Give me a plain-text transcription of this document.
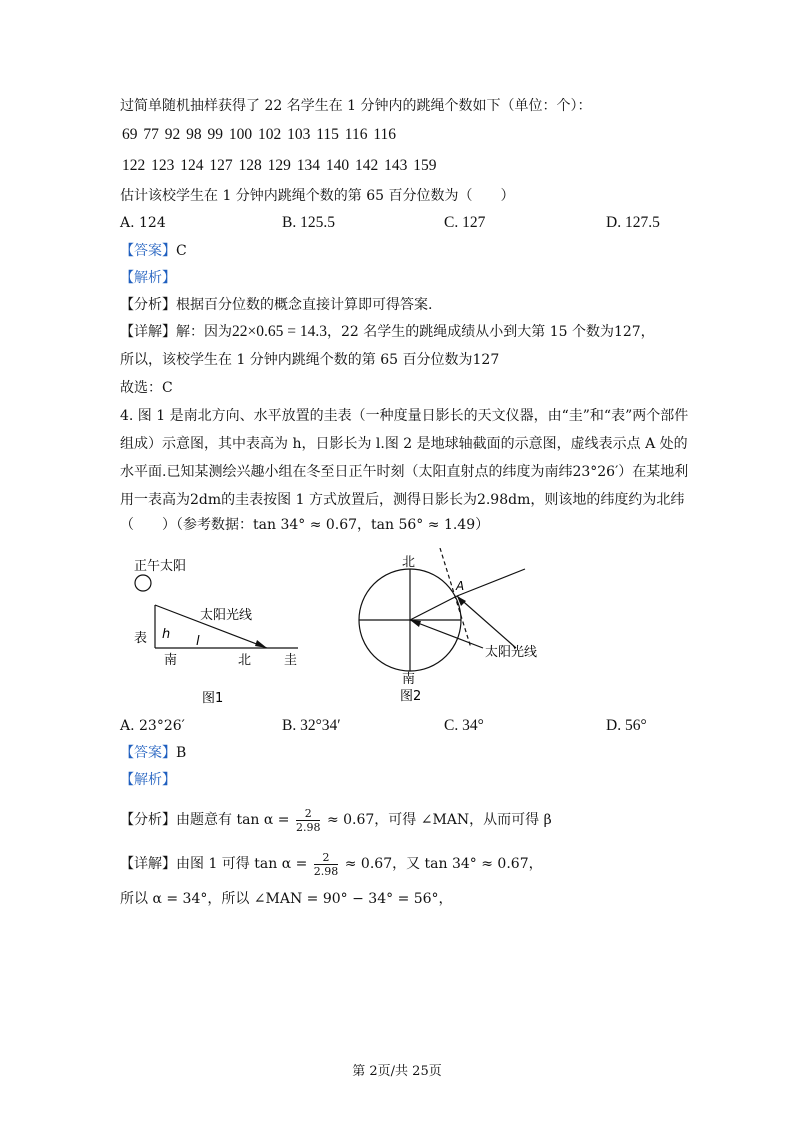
过简单随机抽样获得了 22 名学生在 1 分钟内的跳绳个数如下（单位：个）：
69 77 92 98 99 100 102 103 115 116 116
122 123 124 127 128 129 134 140 142 143 159
估计该校学生在 1 分钟内跳绳个数的第 65 百分位数为（　　）
A. 124	B. 125.5	C. 127	D. 127.5
【答案】C
【解析】
【分析】根据百分位数的概念直接计算即可得答案.
【详解】解：因为22×0.65 = 14.3，22 名学生的跳绳成绩从小到大第 15 个数为127，
所以，该校学生在 1 分钟内跳绳个数的第 65 百分位数为127
故选：C
4. 图 1 是南北方向、水平放置的圭表（一种度量日影长的天文仪器，由“圭”和“表”两个部件
组成）示意图，其中表高为 h，日影长为 l.图 2 是地球轴截面的示意图，虚线表示点 A 处的
水平面.已知某测绘兴趣小组在冬至日正午时刻（太阳直射点的纬度为南纬23°26′）在某地利
用一表高为2dm的圭表按图 1 方式放置后，测得日影长为2.98dm，则该地的纬度约为北纬
（　　）（参考数据：tan 34° ≈ 0.67，tan 56° ≈ 1.49）
正午太阳
太阳光线
表 h l
南	北	圭
图1
北
A
太阳光线
南
图2
A. 23°26′	B. 32°34′	C. 34°	D. 56°
【答案】B
【解析】
【分析】由题意有 $\tan \alpha = \frac{2}{2.98} \approx 0.67$，可得 ∠MAN，从而可得 β
【详解】由图 1 可得 $\tan \alpha = \frac{2}{2.98} \approx 0.67$，又 tan 34° ≈ 0.67，
所以 α = 34°，所以 ∠MAN = 90° − 34° = 56°，
第 2页/共 25页
